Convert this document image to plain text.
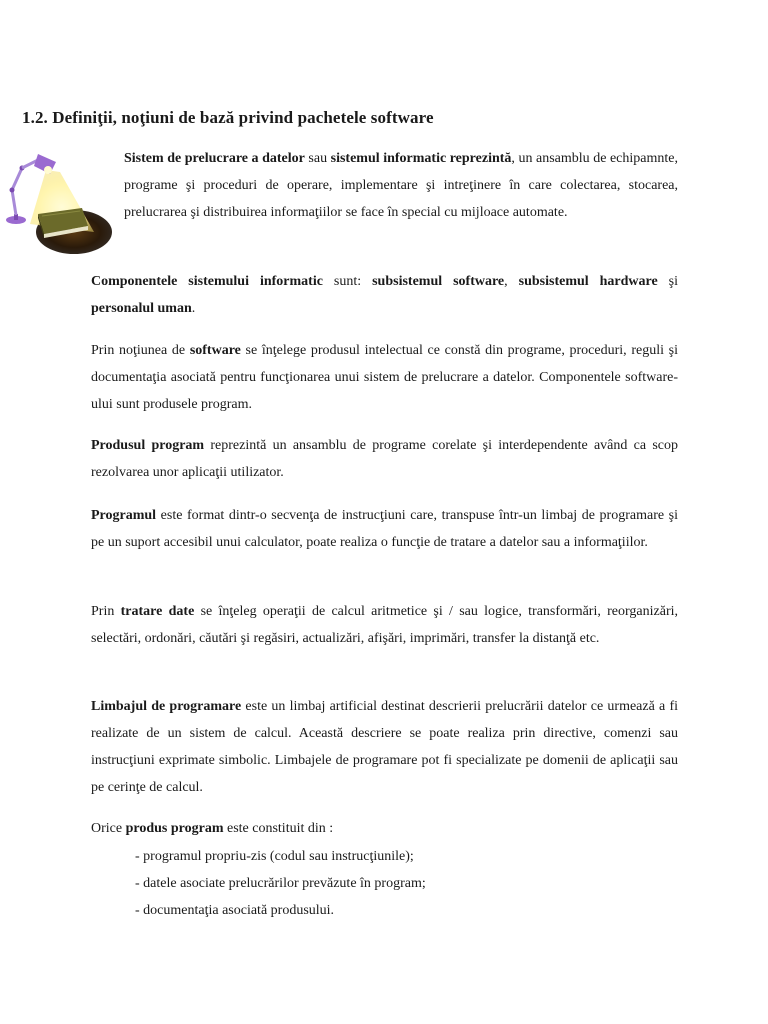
1.2. Definiţii, noţiuni de bază privind pachetele software

Sistem de prelucrare a datelor sau sistemul informatic reprezintă, un ansamblu de echipamnte, programe şi proceduri de operare, implementare şi intreţinere în care colectarea, stocarea, prelucrarea şi distribuirea informaţiilor se face în special cu mijloace automate.

Componentele sistemului informatic sunt: subsistemul software, subsistemul hardware şi personalul uman.

Prin noţiunea de software se înţelege produsul intelectual ce constă din programe, proceduri, reguli şi documentaţia asociată pentru funcţionarea unui sistem de prelucrare a datelor. Componentele software-ului sunt produsele program.

Produsul program reprezintă un ansamblu de programe corelate şi interdependente având ca scop rezolvarea unor aplicaţii utilizator.

Programul este format dintr-o secvenţa de instrucţiuni care, transpuse într-un limbaj de programare şi pe un suport accesibil unui calculator, poate realiza o funcţie de tratare a datelor sau a informaţiilor.

Prin tratare date se înţeleg operaţii de calcul aritmetice şi / sau logice, transformări, reorganizări, selectări, ordonări, căutări şi regăsiri, actualizări, afişări, imprimări, transfer la distanţă etc.

Limbajul de programare este un limbaj artificial destinat descrierii prelucrării datelor ce urmează a fi realizate de un sistem de calcul. Această descriere se poate realiza prin directive, comenzi sau instrucţiuni exprimate simbolic. Limbajele de programare pot fi specializate pe domenii de aplicaţii sau pe cerinţe de calcul.

Orice produs program este constituit din :

- programul propriu-zis (codul sau instrucţiunile);
- datele asociate prelucrărilor prevăzute în program;
- documentaţia asociată produsului.
